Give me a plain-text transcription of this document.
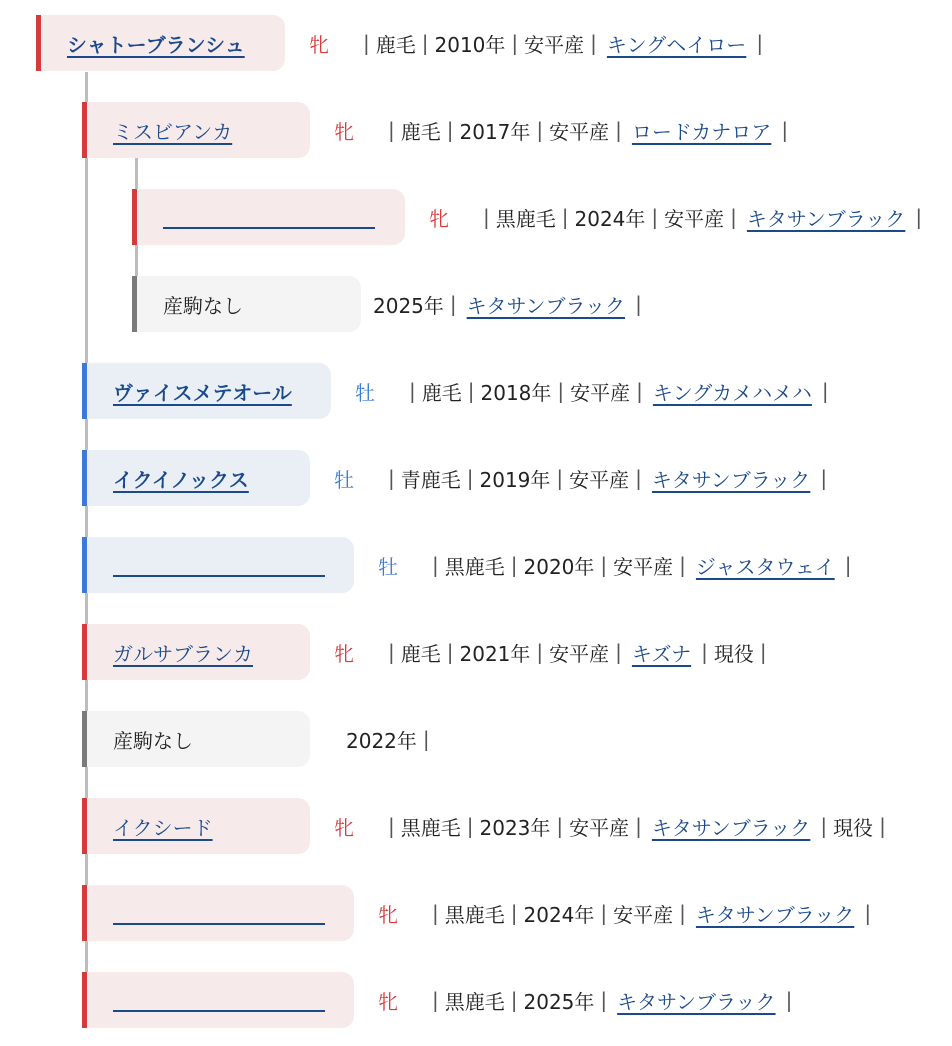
シャトーブランシュ	牝	| 鹿毛 | 2010年 | 安平産 | キングヘイロー |
ミスビアンカ	牝	| 鹿毛 | 2017年 | 安平産 | ロードカナロア |
牝	| 黒鹿毛 | 2024年 | 安平産 | キタサンブラック |
産駒なし	2025年 | キタサンブラック |
ヴァイスメテオール	牡	| 鹿毛 | 2018年 | 安平産 | キングカメハメハ |
イクイノックス	牡	| 青鹿毛 | 2019年 | 安平産 | キタサンブラック |
牡	| 黒鹿毛 | 2020年 | 安平産 | ジャスタウェイ |
ガルサブランカ	牝	| 鹿毛 | 2021年 | 安平産 | キズナ | 現役 |
産駒なし	2022年 |
イクシード	牝	| 黒鹿毛 | 2023年 | 安平産 | キタサンブラック | 現役 |
牝	| 黒鹿毛 | 2024年 | 安平産 | キタサンブラック |
牝	| 黒鹿毛 | 2025年 | キタサンブラック |
